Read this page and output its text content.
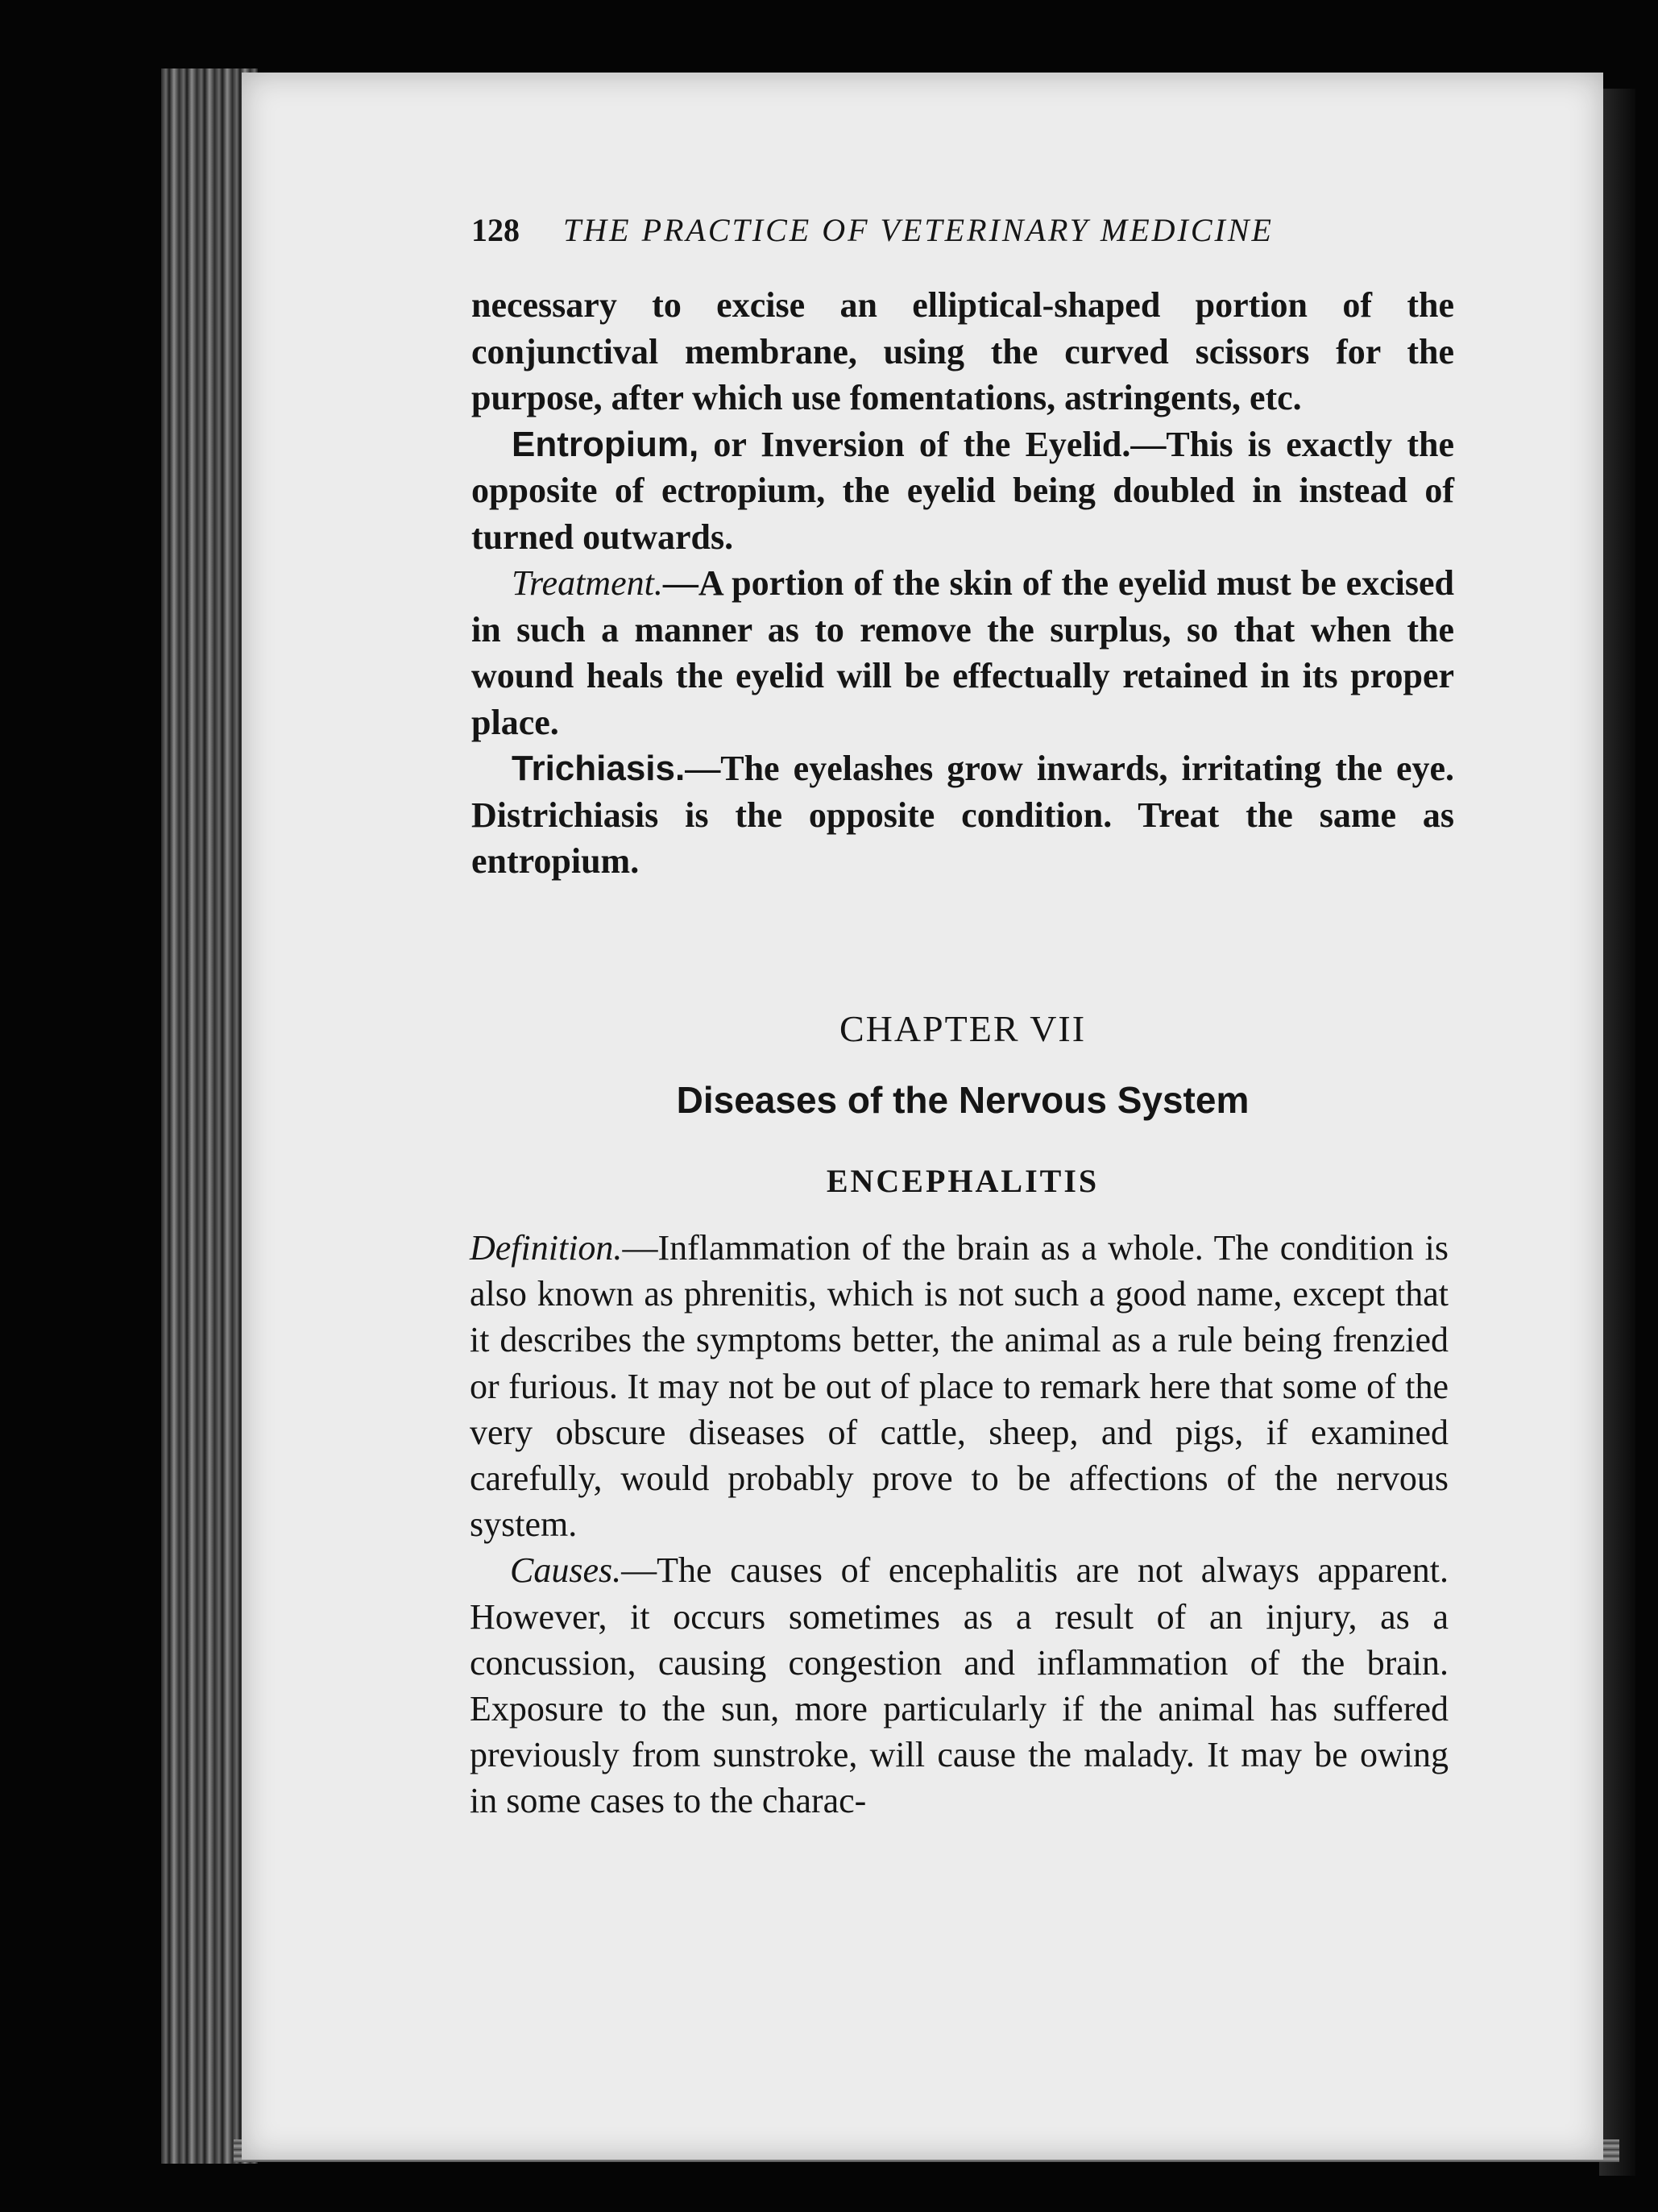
128 THE PRACTICE OF VETERINARY MEDICINE

necessary to excise an elliptical-shaped portion of the conjunctival membrane, using the curved scissors for the purpose, after which use fomentations, astringents, etc.

Entropium, or Inversion of the Eyelid.—This is exactly the opposite of ectropium, the eyelid being doubled in instead of turned outwards.

Treatment.—A portion of the skin of the eyelid must be excised in such a manner as to remove the surplus, so that when the wound heals the eyelid will be effectually retained in its proper place.

Trichiasis.—The eyelashes grow inwards, irritating the eye. Districhiasis is the opposite condition. Treat the same as entropium.

CHAPTER VII
Diseases of the Nervous System
ENCEPHALITIS

Definition.—Inflammation of the brain as a whole. The condition is also known as phrenitis, which is not such a good name, except that it describes the symptoms better, the animal as a rule being frenzied or furious. It may not be out of place to remark here that some of the very obscure diseases of cattle, sheep, and pigs, if examined carefully, would probably prove to be affections of the nervous system.

Causes.—The causes of encephalitis are not always apparent. However, it occurs sometimes as a result of an injury, as a concussion, causing congestion and inflammation of the brain. Exposure to the sun, more particularly if the animal has suffered previously from sunstroke, will cause the malady. It may be owing in some cases to the charac-
